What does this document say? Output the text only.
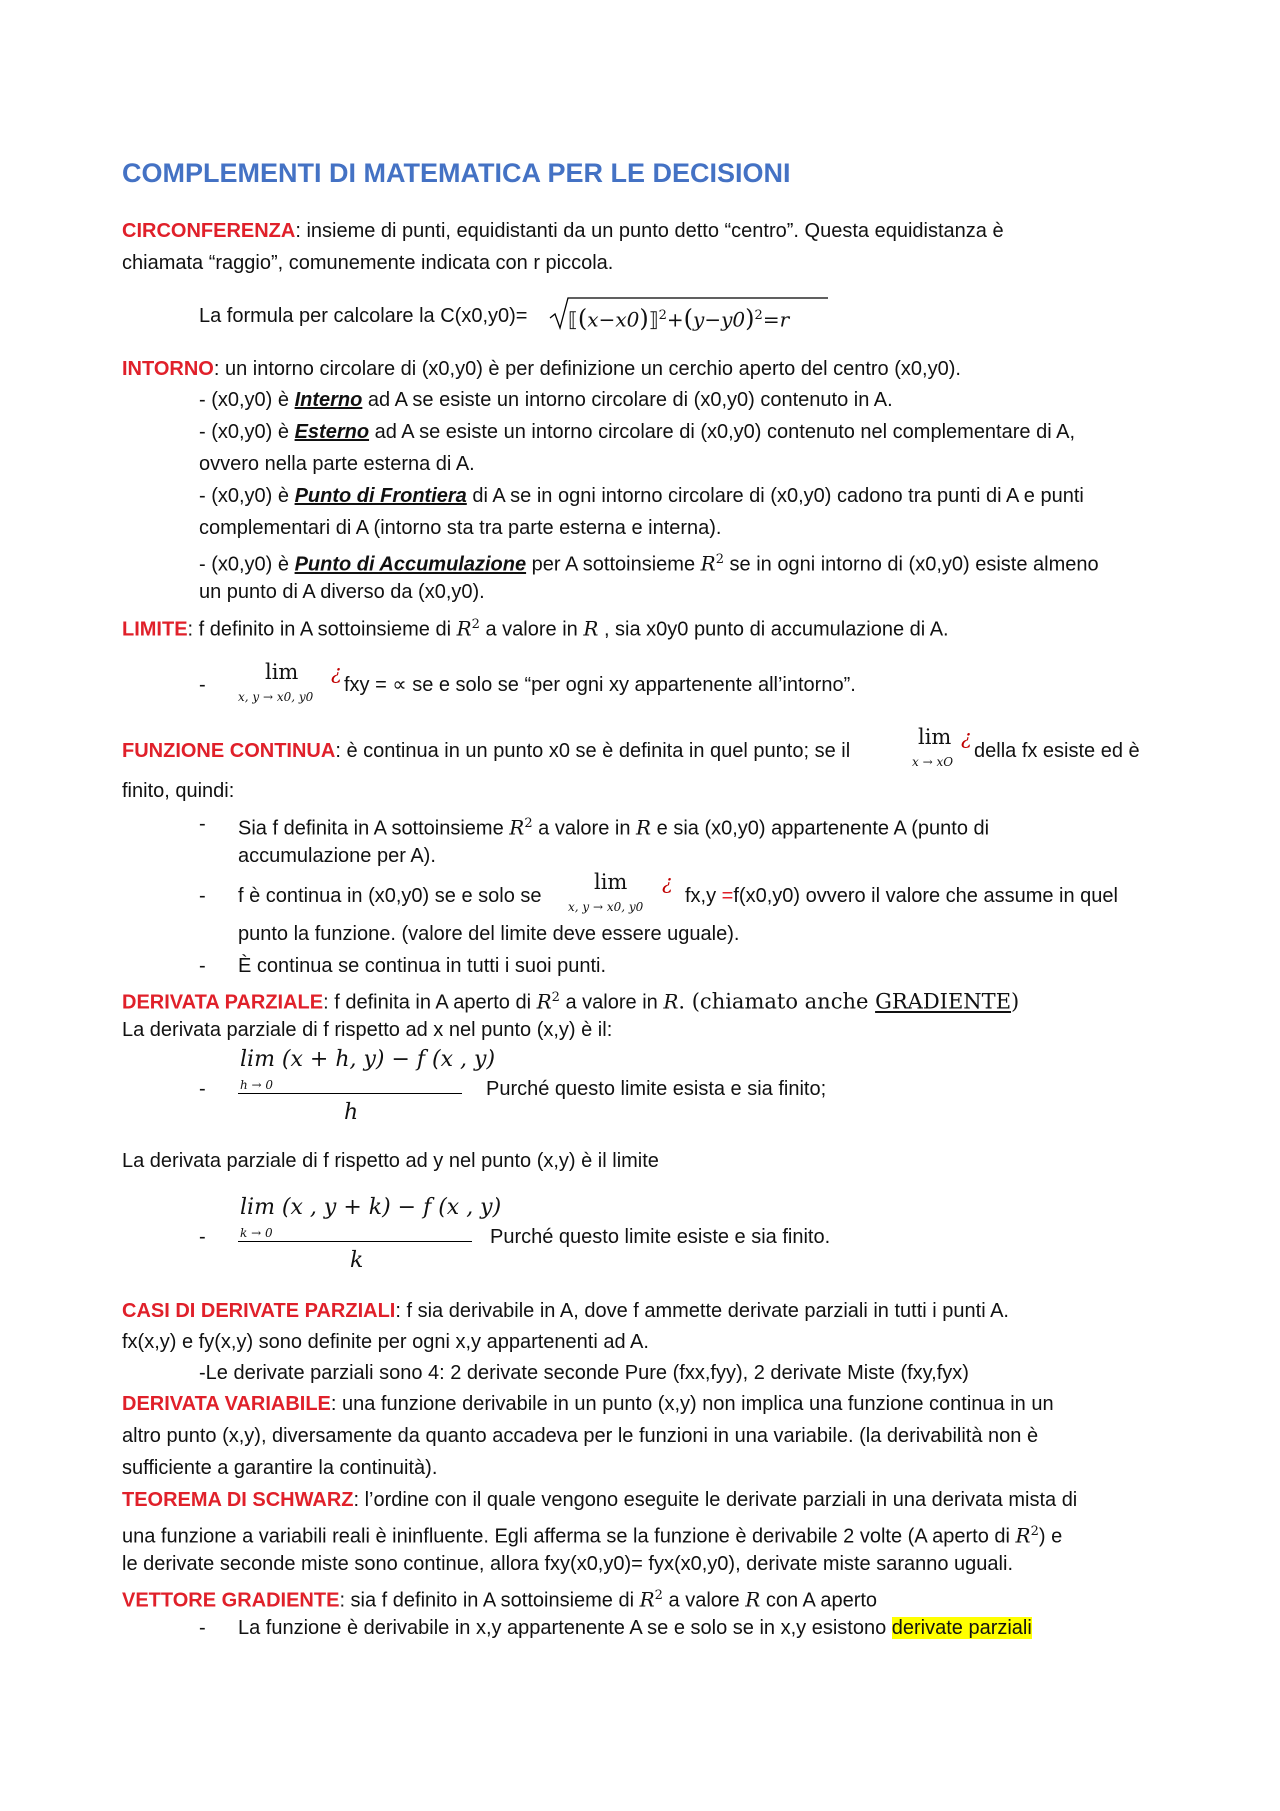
COMPLEMENTI DI MATEMATICA PER LE DECISIONI
CIRCONFERENZA: insieme di punti, equidistanti da un punto detto “centro”. Questa equidistanza è
chiamata “raggio”, comunemente indicata con r piccola.
La formula per calcolare la $C(x0,y0)= ⟦(x-x0)⟧^2+(y-y0)^2=r$
INTORNO: un intorno circolare di (x0,y0) è per definizione un cerchio aperto del centro (x0,y0).
- (x0,y0) è Interno ad A se esiste un intorno circolare di (x0,y0) contenuto in A.
- (x0,y0) è Esterno ad A se esiste un intorno circolare di (x0,y0) contenuto nel complementare di A,
ovvero nella parte esterna di A.
- (x0,y0) è Punto di Frontiera di A se in ogni intorno circolare di (x0,y0) cadono tra punti di A e punti
complementari di A (intorno sta tra parte esterna e interna).
- (x0,y0) è Punto di Accumulazione per A sottoinsieme $R^2$ se in ogni intorno di (x0,y0) esiste almeno
un punto di A diverso da (x0,y0).
LIMITE: f definito in A sottoinsieme di $R^2$ a valore in R , sia x0y0 punto di accumulazione di A.
-
lim
x, y → x0, y0
¿
fxy = ∝ se e solo se “per ogni xy appartenente all’intorno”.
FUNZIONE CONTINUA: è continua in un punto x0 se è definita in quel punto; se il
lim
x → xO
¿
della fx esiste ed è
finito, quindi:
- Sia f definita in A sottoinsieme $R^2$ a valore in R e sia (x0,y0) appartenente A (punto di
accumulazione per A).
- f è continua in (x0,y0) se e solo se
lim
x, y → x0, y0
¿
fx,y =f(x0,y0) ovvero il valore che assume in quel
punto la funzione. (valore del limite deve essere uguale).
- È continua se continua in tutti i suoi punti.
DERIVATA PARZIALE: f definita in A aperto di $R^2$ a valore in R. (chiamato anche GRADIENTE)
La derivata parziale di f rispetto ad x nel punto (x,y) è il:
-
lim (x + h, y) − f (x , y)
h → 0
h
Purché questo limite esista e sia finito;
La derivata parziale di f rispetto ad y nel punto (x,y) è il limite
-
lim (x , y + k) − f (x , y)
k → 0
k
Purché questo limite esiste e sia finito.
CASI DI DERIVATE PARZIALI: f sia derivabile in A, dove f ammette derivate parziali in tutti i punti A.
fx(x,y) e fy(x,y) sono definite per ogni x,y appartenenti ad A.
-Le derivate parziali sono 4: 2 derivate seconde Pure (fxx,fyy), 2 derivate Miste (fxy,fyx)
DERIVATA VARIABILE: una funzione derivabile in un punto (x,y) non implica una funzione continua in un
altro punto (x,y), diversamente da quanto accadeva per le funzioni in una variabile. (la derivabilità non è
sufficiente a garantire la continuità).
TEOREMA DI SCHWARZ: l’ordine con il quale vengono eseguite le derivate parziali in una derivata mista di
una funzione a variabili reali è ininfluente. Egli afferma se la funzione è derivabile 2 volte (A aperto di $R^2$) e
le derivate seconde miste sono continue, allora fxy(x0,y0)= fyx(x0,y0), derivate miste saranno uguali.
VETTORE GRADIENTE: sia f definito in A sottoinsieme di $R^2$ a valore R con A aperto
- La funzione è derivabile in x,y appartenente A se e solo se in x,y esistono derivate parziali
